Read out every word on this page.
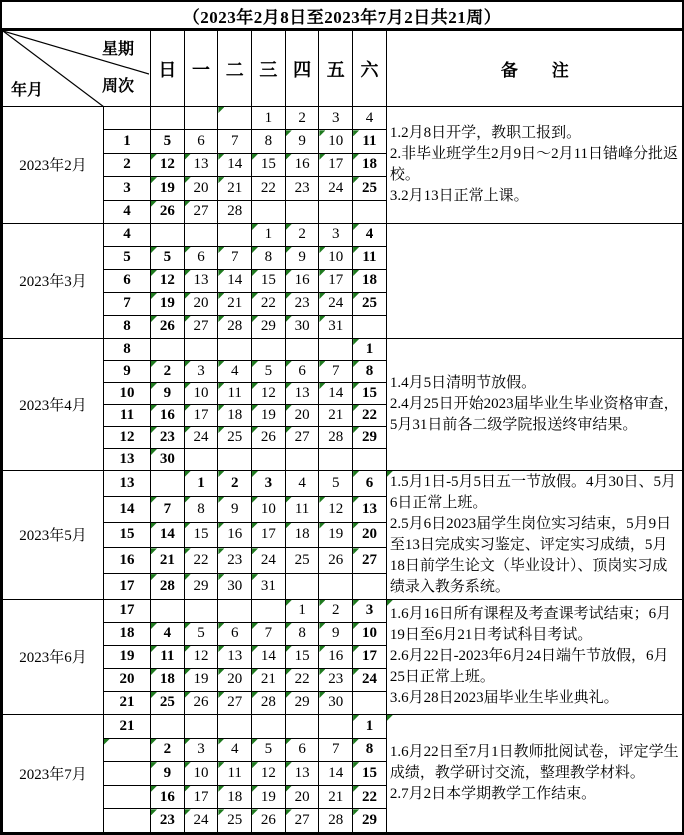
（2023年2月8日至2023年7月2日共21周）
星期
周次
年月		日	一	二	三	四	五	六	备　　注
2023年2月					1	2	3	4	1.2月8日开学，教职工报到。
2.非毕业班学生2月9日～2月11日错峰分批返校。
3.2月13日正常上课。

	1	5	6	7	8	9	10	11	

	2	12	13	14	15	16	17	18	

	3	19	20	21	22	23	24	25	

	4	26	27	28					
2023年3月	4				1	2	3	4

	5	5	6	7	8	9	10	11	

	6	12	13	14	15	16	17	18	

	7	19	20	21	22	23	24	25	

	8	26	27	28	29	30	31	

2023年4月	8							1	1.4月5日清明节放假。
2.4月25日开始2023届毕业生毕业资格审查，5月31日前各二级学院报送终审结果。

	9	2	3	4	5	6	7	8	

	10	9	10	11	12	13	14	15	

	11	16	17	18	19	20	21	22	

	12	23	24	25	26	27	28	29	

	13	30	

2023年5月	13		1	2	3	4	5	6	1.5月1日-5月5日五一节放假。4月30日、5月6日正常上班。
2.5月6日2023届学生岗位实习结束，5月9日至13日完成实习鉴定、评定实习成绩，5月18日前学生论文（毕业设计）、顶岗实习成绩录入教务系统。

	14	7	8	9	10	11	12	13	

	15	14	15	16	17	18	19	20	

	16	21	22	23	24	25	26	27	

	17	28	29	30	31	

2023年6月	17					1	2	3	1.6月16日所有课程及考查课考试结束；6月19日至6月21日考试科目考试。
2.6月22日-2023年6月24日端午节放假，6月25日正常上班。
3.6月28日2023届毕业生毕业典礼。

	18	4	5	6	7	8	9	10	

	19	11	12	13	14	15	16	17	

	20	18	19	20	21	22	23	24	

	21	25	26	27	28	29	30	

2023年7月	21							1	1.6月22日至7月1日教师批阅试卷，评定学生成绩，教学研讨交流，整理教学材料。
2.7月2日本学期教学工作结束。

		2	3	4	5	6	7	8	

		9	10	11	12	13	14	15	

		16	17	18	19	20	21	22	

		23	24	25	26	27	28	29	
